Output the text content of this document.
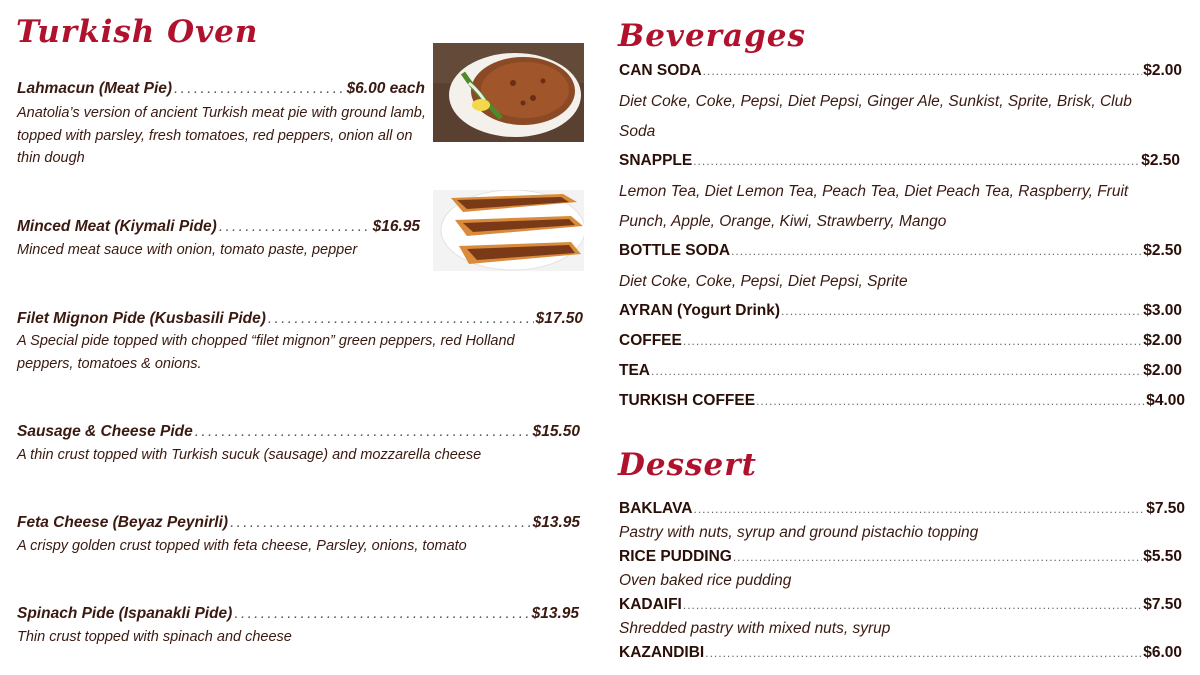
Turkish Oven
Lahmacun (Meat Pie) . . .	$6.00 each
Anatolia’s version of ancient Turkish meat pie with ground lamb, topped with parsley, fresh tomatoes, red peppers, onion all on thin dough
Minced Meat (Kiymali Pide) . . .	$16.95
Minced meat sauce with onion, tomato paste, pepper
Filet Mignon Pide (Kusbasili Pide) . . .	$17.50
A Special pide topped with chopped “filet mignon” green peppers, red Holland peppers, tomatoes & onions.
Sausage & Cheese Pide . . .	$15.50
A thin crust topped with Turkish sucuk (sausage) and mozzarella cheese
Feta Cheese (Beyaz Peynirli) . . .	$13.95
A crispy golden crust topped with feta cheese, Parsley, onions, tomato
Spinach Pide (Ispanakli Pide) . . .	$13.95
Thin crust topped with spinach and cheese
Beverages
CAN SODA .....	$2.00
Diet Coke, Coke, Pepsi, Diet Pepsi, Ginger Ale, Sunkist, Sprite, Brisk, Club Soda
SNAPPLE .....	$2.50
Lemon Tea, Diet Lemon Tea, Peach Tea, Diet Peach Tea, Raspberry, Fruit Punch, Apple, Orange, Kiwi, Strawberry, Mango
BOTTLE SODA .....	$2.50
Diet Coke, Coke, Pepsi, Diet Pepsi, Sprite
AYRAN (Yogurt Drink) .....	$3.00
COFFEE .....	$2.00
TEA .....	$2.00
TURKISH COFFEE .....	$4.00
Dessert
BAKLAVA .....	$7.50
Pastry with nuts, syrup and ground pistachio topping
RICE PUDDING .....	$5.50
Oven baked rice pudding
KADAIFI .....	$7.50
Shredded pastry with mixed nuts, syrup
KAZANDIBI .....	$6.00
